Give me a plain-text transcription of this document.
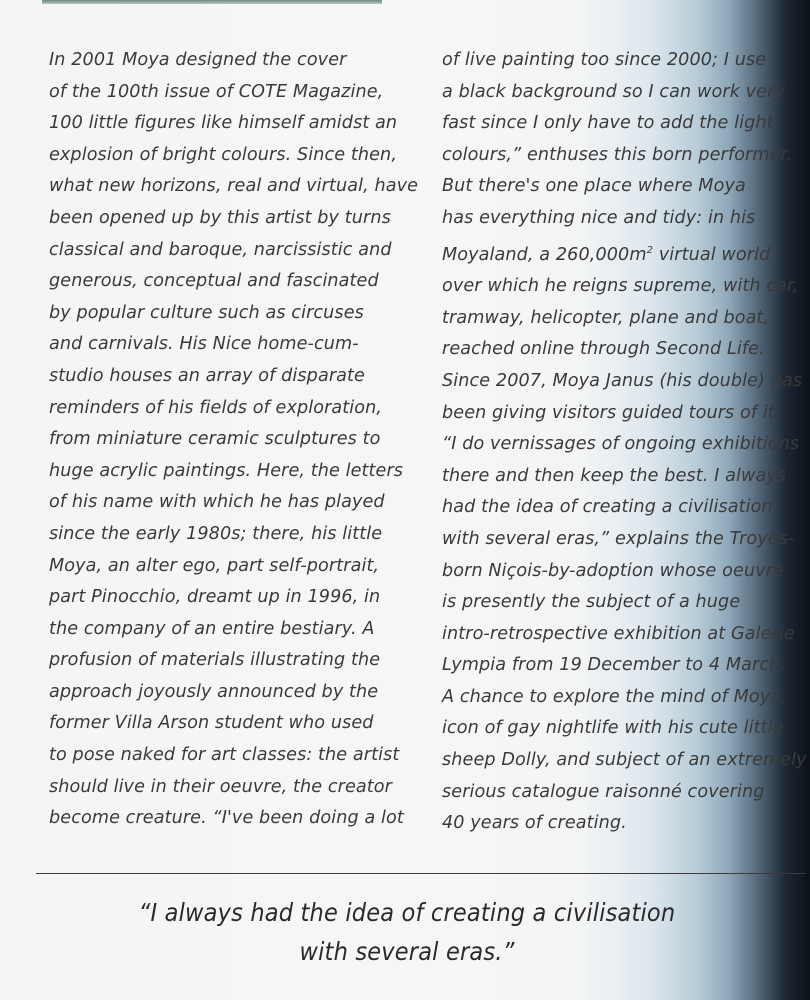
In 2001 Moya designed the cover
of the 100th issue of COTE Magazine,
100 little figures like himself amidst an
explosion of bright colours. Since then,
what new horizons, real and virtual, have
been opened up by this artist by turns
classical and baroque, narcissistic and
generous, conceptual and fascinated
by popular culture such as circuses
and carnivals. His Nice home-cum-
studio houses an array of disparate
reminders of his fields of exploration,
from miniature ceramic sculptures to
huge acrylic paintings. Here, the letters
of his name with which he has played
since the early 1980s; there, his little
Moya, an alter ego, part self-portrait,
part Pinocchio, dreamt up in 1996, in
the company of an entire bestiary. A
profusion of materials illustrating the
approach joyously announced by the
former Villa Arson student who used
to pose naked for art classes: the artist
should live in their oeuvre, the creator
become creature. “I've been doing a lot
of live painting too since 2000; I use
a black background so I can work very
fast since I only have to add the light
colours,” enthuses this born performer.
But there's one place where Moya
has everything nice and tidy: in his
Moyaland, a $260,000m^2$ virtual world
over which he reigns supreme, with car,
tramway, helicopter, plane and boat,
reached online through Second Life.
Since 2007, Moya Janus (his double) has
been giving visitors guided tours of it.
“I do vernissages of ongoing exhibitions
there and then keep the best. I always
had the idea of creating a civilisation
with several eras,” explains the Troyes-
born Niçois-by-adoption whose oeuvre
is presently the subject of a huge
intro-retrospective exhibition at Galerie
Lympia from 19 December to 4 March.
A chance to explore the mind of Moya,
icon of gay nightlife with his cute little
sheep Dolly, and subject of an extremely
serious catalogue raisonné covering
40 years of creating.
“I always had the idea of creating a civilisation
with several eras.”
